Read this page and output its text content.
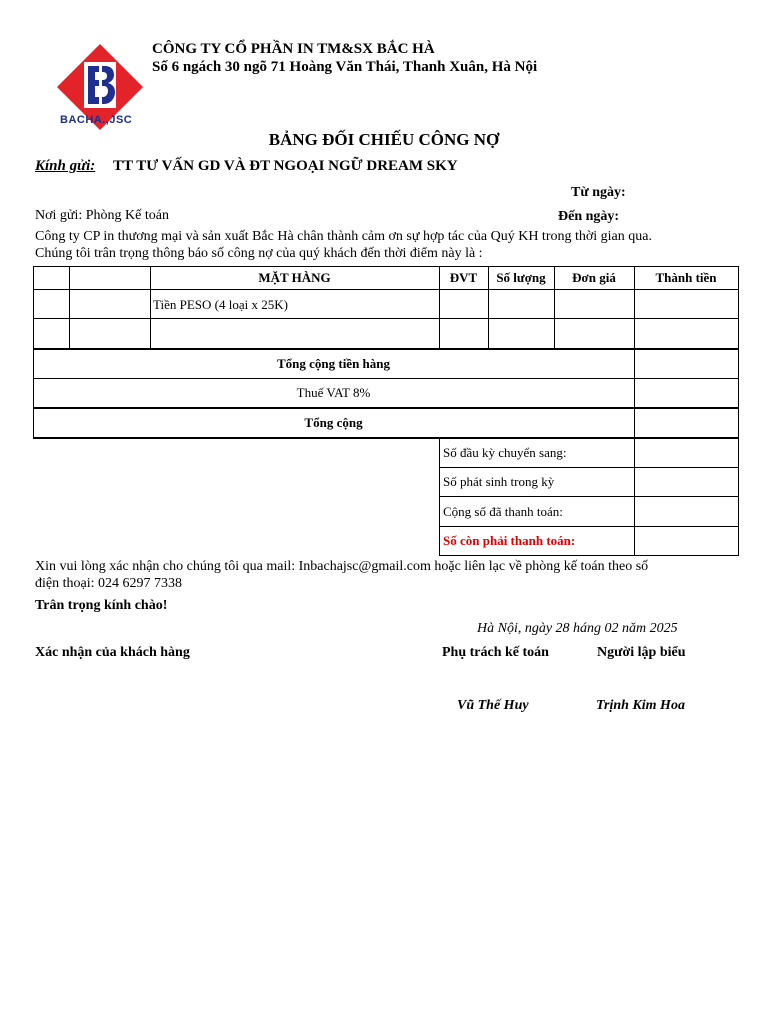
BACHA.,JSC
CÔNG TY CỔ PHẦN IN TM&SX BẮC HÀ
Số 6 ngách 30 ngõ 71 Hoàng Văn Thái, Thanh Xuân, Hà Nội
BẢNG ĐỐI CHIẾU CÔNG NỢ
Kính gửi: TT TƯ VẤN GD VÀ ĐT NGOẠI NGỮ DREAM SKY
Từ ngày:
Nơi gửi: Phòng Kế toán	Đến ngày:
Công ty CP in thương mại và sản xuất Bắc Hà chân thành cảm ơn sự hợp tác của Quý KH trong thời gian qua.
Chúng tôi trân trọng thông báo số công nợ của quý khách đến thời điểm này là :
MẶT HÀNG	ĐVT	Số lượng	Đơn giá	Thành tiền
Tiền PESO (4 loại x 25K)
Tổng cộng tiền hàng
Thuế VAT 8%
Tổng cộng
Số đầu kỳ chuyển sang:
Số phát sinh trong kỳ
Cộng số đã thanh toán:
Số còn phải thanh toán:
Xin vui lòng xác nhận cho chúng tôi qua mail: Inbachajsc@gmail.com hoặc liên lạc về phòng kế toán theo số
điện thoại: 024 6297 7338
Trân trọng kính chào!
Hà Nội, ngày 28 háng 02 năm 2025
Xác nhận của khách hàng	Phụ trách kế toán	Người lập biểu
Vũ Thế Huy	Trịnh Kim Hoa
